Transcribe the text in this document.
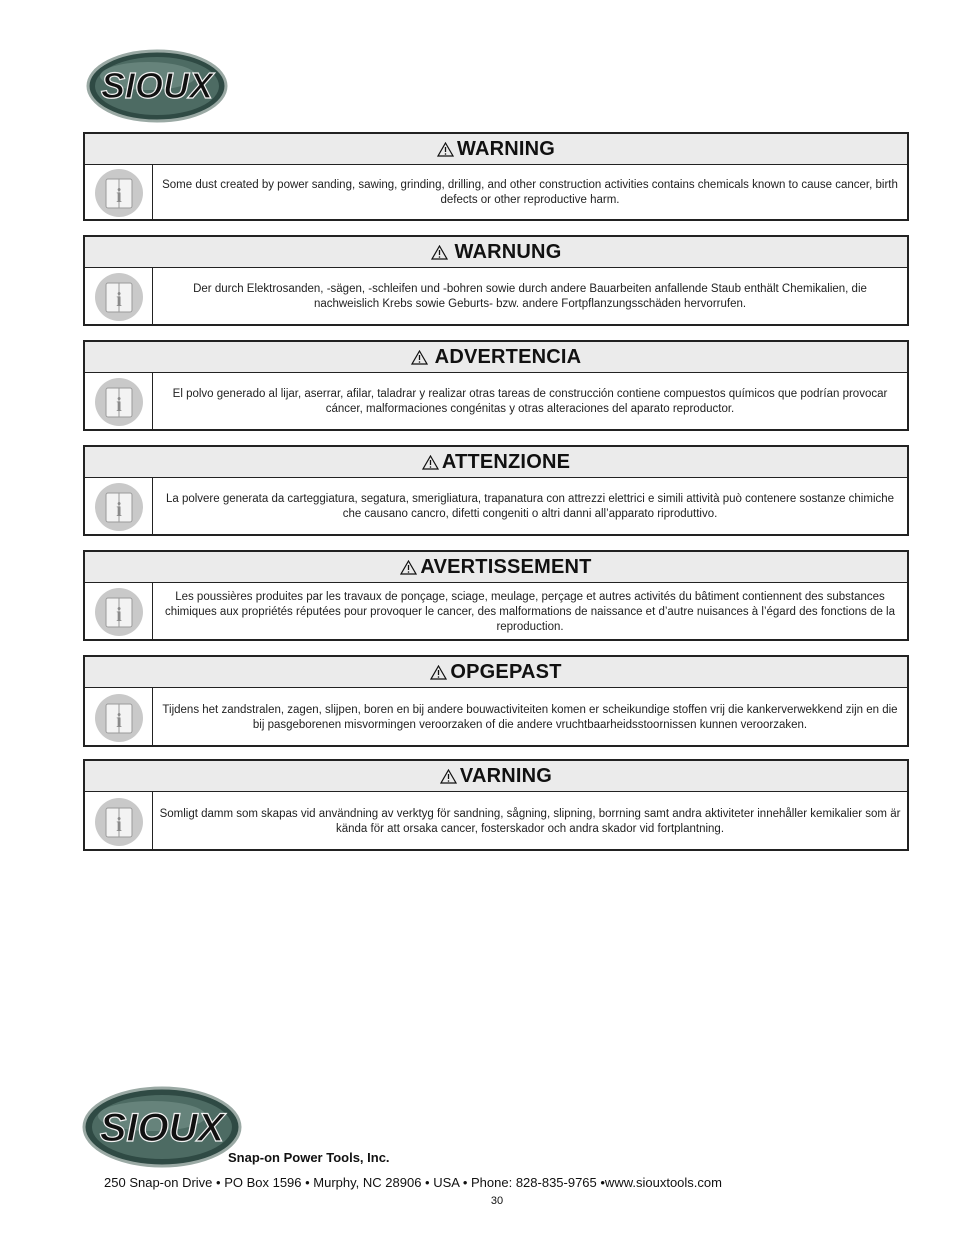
SIOUX
WARNING
i	Some dust created by power sanding, sawing, grinding, drilling, and other construction activities contains chemicals known to cause cancer, birth defects or other reproductive harm.
WARNUNG
i	Der durch Elektrosanden, -sägen, -schleifen und -bohren sowie durch andere Bauarbeiten anfallende Staub enthält Chemikalien, die nachweislich Krebs sowie Geburts- bzw. andere Fortpflanzungsschäden hervorrufen.
ADVERTENCIA
i	El polvo generado al lijar, aserrar, afilar, taladrar y realizar otras tareas de construcción contiene compuestos químicos que podrían provocar cáncer, malformaciones congénitas y otras alteraciones del aparato reproductor.
ATTENZIONE
i	La polvere generata da carteggiatura, segatura, smerigliatura, trapanatura con attrezzi elettrici e simili attività può contenere sostanze chimiche che causano cancro, difetti congeniti o altri danni all’apparato riproduttivo.
AVERTISSEMENT
i
Les poussières produites par les travaux de ponçage, sciage, meulage, perçage et autres activités du bâtiment contiennent des substances chimiques aux propriétés réputées pour provoquer le cancer, des malformations de naissance et d’autre nuisances à l’égard des fonctions de la reproduction.
OPGEPAST
i	Tijdens het zandstralen, zagen, slijpen, boren en bij andere bouwactiviteiten komen er scheikundige stoffen vrij die kankerverwekkend zijn en die bij pasgeborenen misvormingen veroorzaken of die andere vruchtbaarheidsstoornissen kunnen veroorzaken.
VARNING
i	Somligt damm som skapas vid användning av verktyg för sandning, sågning, slipning, borrning samt andra aktiviteter innehåller kemikalier som är kända för att orsaka cancer, fosterskador och andra skador vid fortplantning.
SIOUX
Snap-on Power Tools, Inc.
250 Snap-on Drive • PO Box 1596 • Murphy, NC 28906 • USA • Phone: 828-835-9765 •www.siouxtools.com
30
